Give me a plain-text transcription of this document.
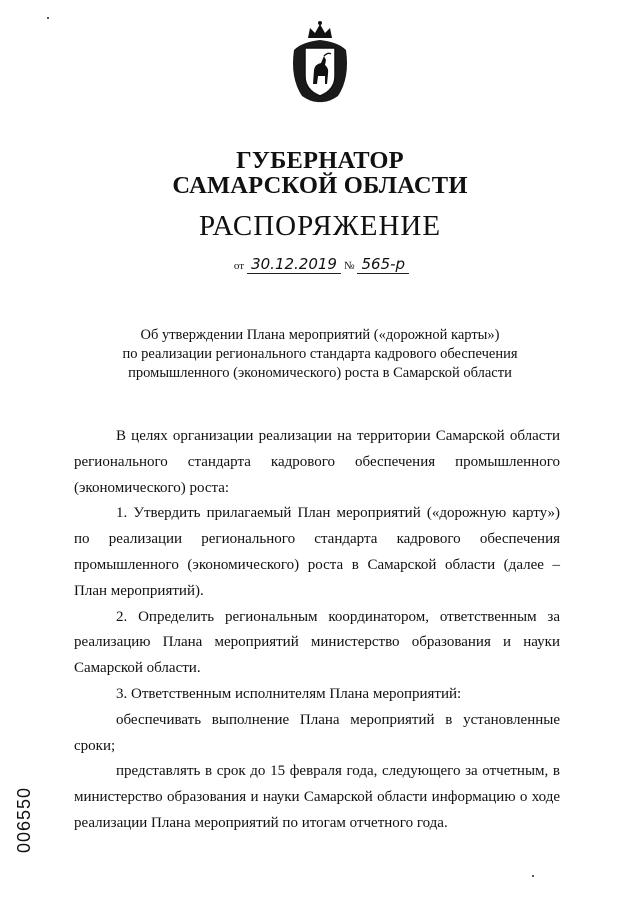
ГУБЕРНАТОР
САМАРСКОЙ ОБЛАСТИ
РАСПОРЯЖЕНИЕ
от 30.12.2019 № 565-р
Об утверждении Плана мероприятий («дорожной карты»)
по реализации регионального стандарта кадрового обеспечения
промышленного (экономического) роста в Самарской области

В целях организации реализации на территории Самарской области регионального стандарта кадрового обеспечения промышленного (экономического) роста:

1. Утвердить прилагаемый План мероприятий («дорожную карту») по реализации регионального стандарта кадрового обеспечения промышленного (экономического) роста в Самарской области (далее – План мероприятий).

2. Определить региональным координатором, ответственным за реализацию Плана мероприятий министерство образования и науки Самарской области.

3. Ответственным исполнителям Плана мероприятий:

обеспечивать выполнение Плана мероприятий в установленные сроки;

представлять в срок до 15 февраля года, следующего за отчетным, в министерство образования и науки Самарской области информацию о ходе реализации Плана мероприятий по итогам отчетного года.

006550
